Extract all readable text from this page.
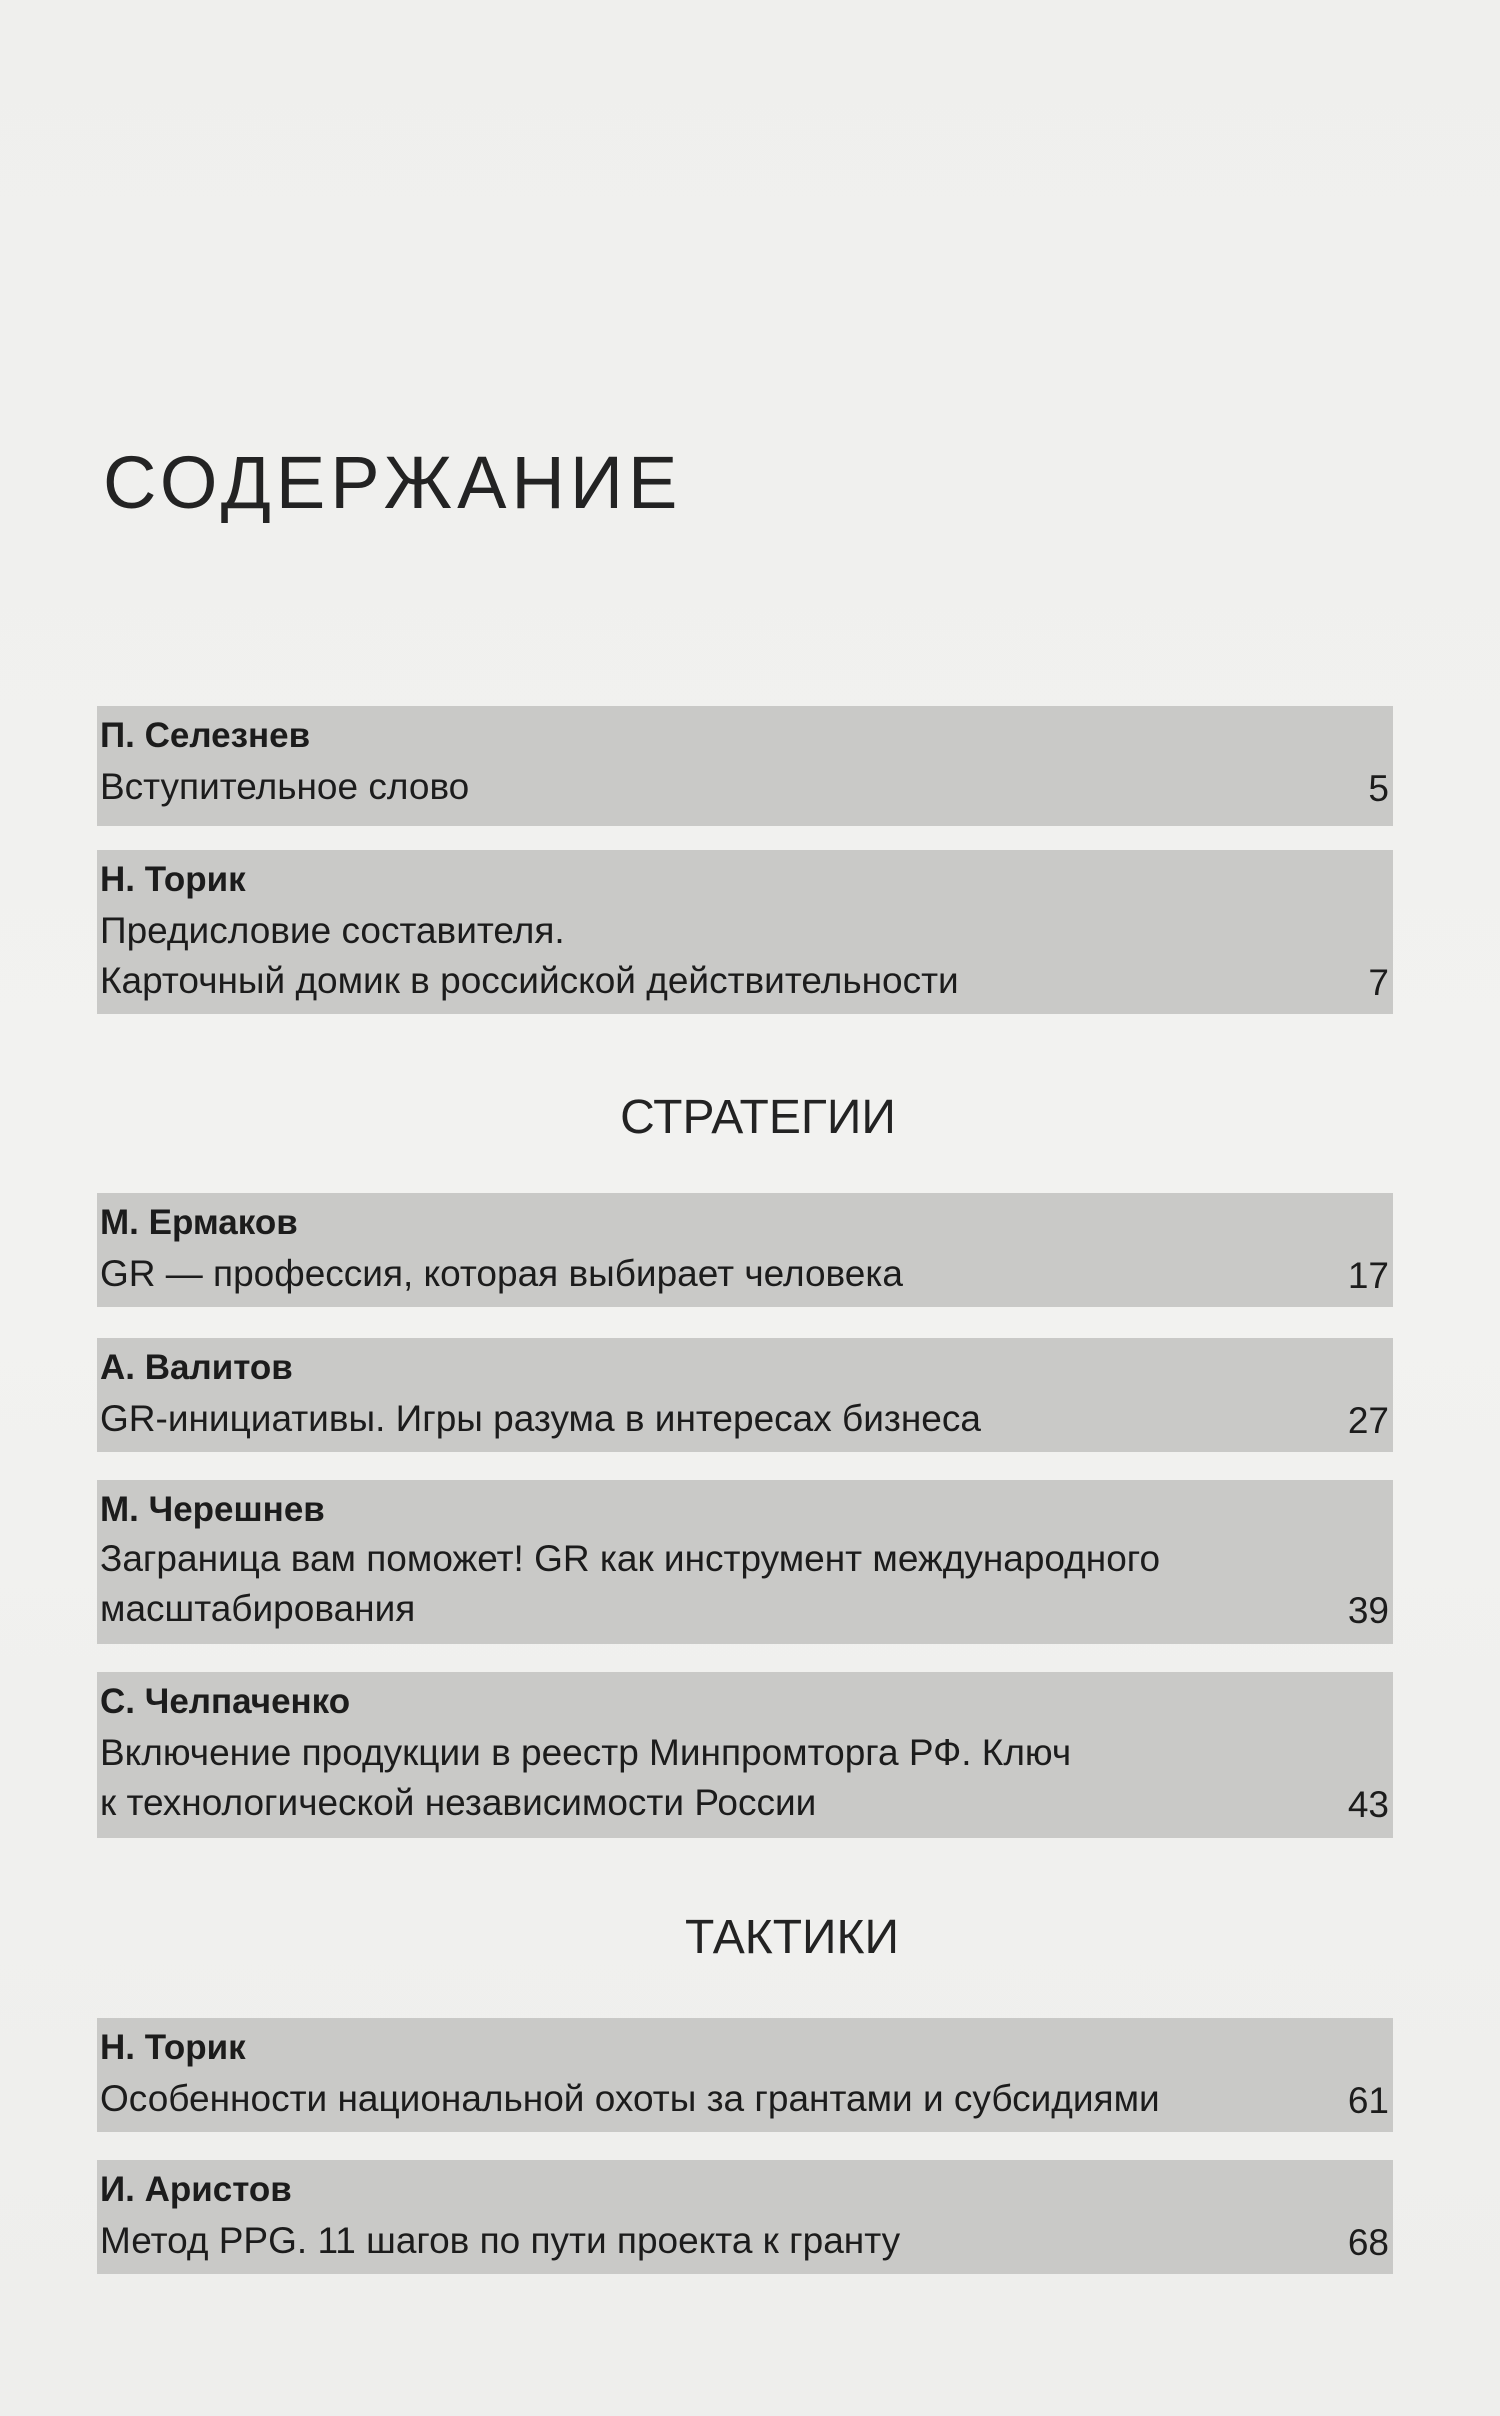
СОДЕРЖАНИЕ
П. Селезнев
Вступительное слово	5
Н. Торик
Предисловие составителя.
Карточный домик в российской действительности	7
СТРАТЕГИИ
М. Ермаков
GR — профессия, которая выбирает человека	17
А. Валитов
GR-инициативы. Игры разума в интересах бизнеса	27
М. Черешнев
Заграница вам поможет! GR как инструмент международного
масштабирования	39
С. Челпаченко
Включение продукции в реестр Минпромторга РФ. Ключ
к технологической независимости России	43
ТАКТИКИ
Н. Торик
Особенности национальной охоты за грантами и субсидиями	61
И. Аристов
Метод PPG. 11 шагов по пути проекта к гранту	68
